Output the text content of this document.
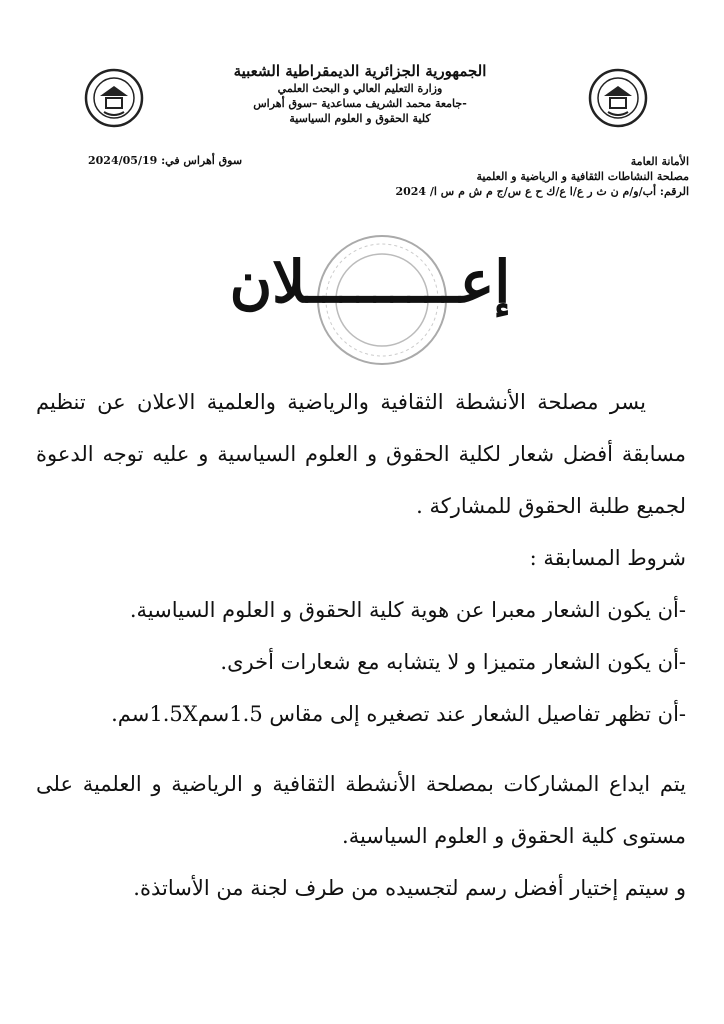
الجمهورية الجزائرية الديمقراطية الشعبية
وزارة التعليم العالي و البحث العلمي
-جامعة محمد الشريف مساعدية –سوق أهراس
كلية الحقوق و العلوم السياسية
الأمانة العامة
مصلحة النشاطات الثقافية و الرياضية و العلمية
الرقم: أب/و/م ن ث ر ع/ا ع/ك ح ع س/ج م ش م س ا/ 2024
سوق أهراس في: 2024/05/19
إعـــــــــلان

يسر مصلحة الأنشطة الثقافية والرياضية والعلمية الاعلان عن تنظيم مسابقة أفضل شعار لكلية الحقوق و العلوم السياسية و عليه توجه الدعوة لجميع طلبة الحقوق للمشاركة .

شروط المسابقة :

-أن يكون الشعار معبرا عن هوية كلية الحقوق و العلوم السياسية.

-أن يكون الشعار متميزا و لا يتشابه مع شعارات أخرى.

-أن تظهر تفاصيل الشعار عند تصغيره إلى مقاس 1.5سم1.5Xسم.

يتم ايداع المشاركات بمصلحة الأنشطة الثقافية و الرياضية و العلمية على مستوى كلية الحقوق و العلوم السياسية.

و سيتم إختيار أفضل رسم لتجسيده من طرف لجنة من الأساتذة.
